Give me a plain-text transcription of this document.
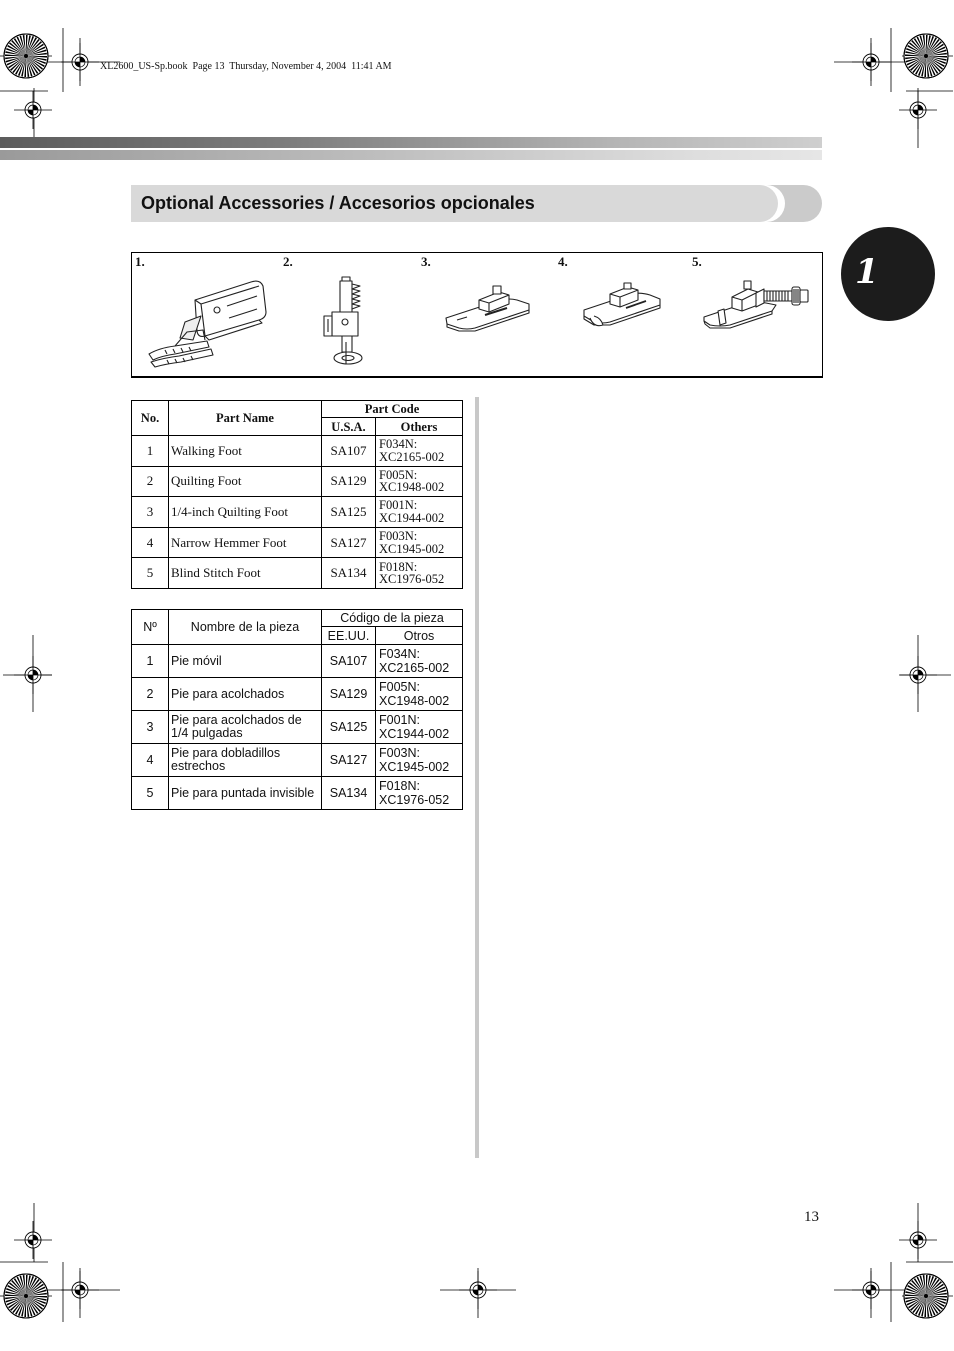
XL2600_US-Sp.book  Page 13  Thursday, November 4, 2004  11:41 AM
Optional Accessories / Accesorios opcionales
1
1.	2.	3.	4.	5.
No.	Part Name	Part Code	
		U.S.A.	Others
1	Walking Foot	SA107	F034N:
XC2165-002

2	Quilting Foot	SA129	F005N:
XC1948-002

3	1/4-inch Quilting Foot	SA125	F001N:
XC1944-002

4	Narrow Hemmer Foot	SA127	F003N:
XC1945-002

5	Blind Stitch Foot	SA134	F018N:
XC1976-052
Nº	Nombre de la pieza	Código de la pieza	
		EE.UU.	Otros
1	Pie móvil	SA107	F034N:
XC2165-002

2	Pie para acolchados	SA129	F005N:
XC1948-002

3	Pie para acolchados de 1/4 pulgadas	SA125	F001N:
XC1944-002

4	Pie para dobladillos estrechos	SA127	F003N:
XC1945-002

5	Pie para puntada invisible	SA134	F018N:
XC1976-052
13
